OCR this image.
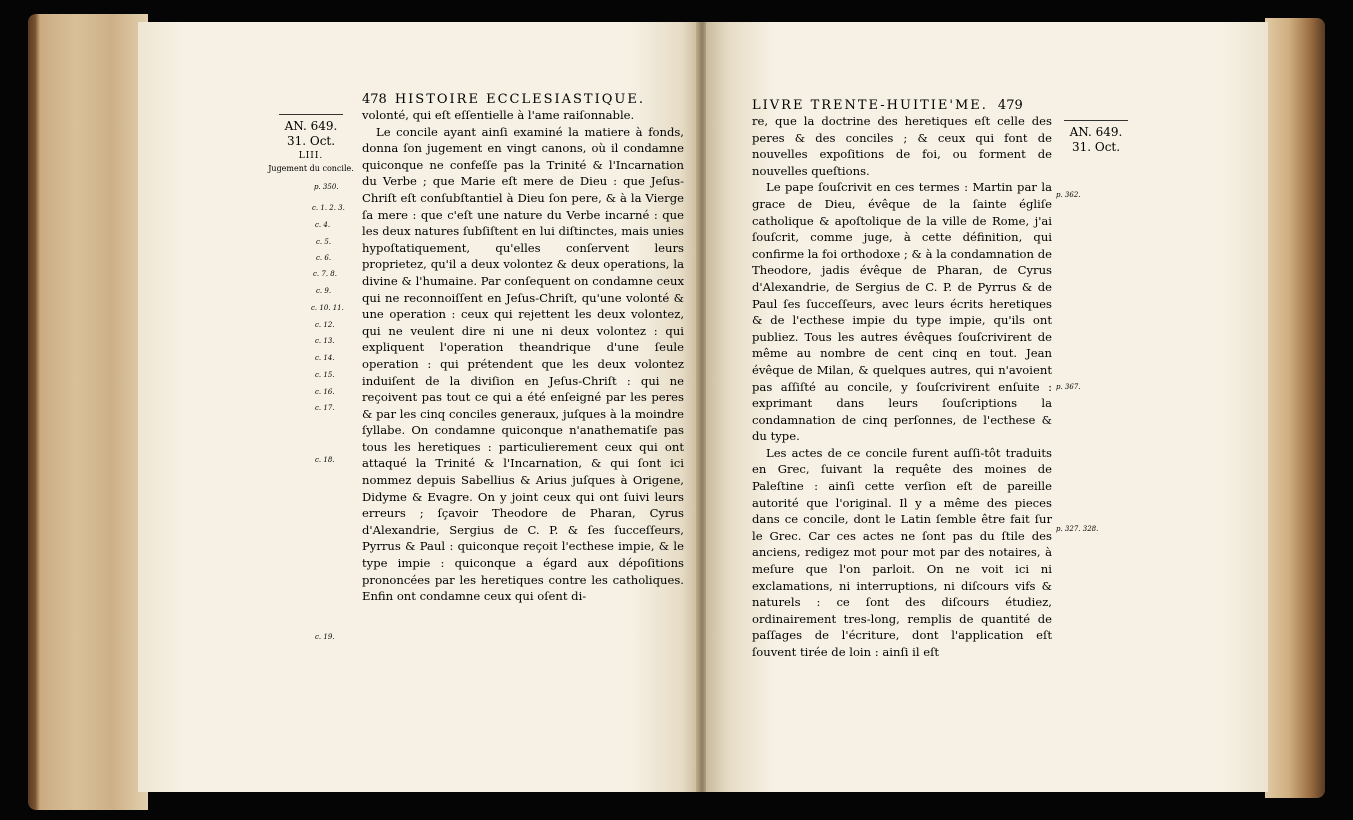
478 HISTOIRE ECCLESIASTIQUE.
AN. 649.
31. Oct.
LIII.
Jugement du concile.
p. 350.
c. 1. 2. 3.
c. 4.
c. 5.
c. 6.
c. 7. 8.
c. 9.
c. 10. 11.
c. 12.
c. 13.
c. 14.
c. 15.
c. 16.
c. 17.
c. 18.
c. 19.

volonté, qui eſt eſſentielle à l'ame raiſonnable.

Le concile ayant ainſi examiné la matiere à fonds, donna ſon jugement en vingt canons, où il condamne quiconque ne confeſſe pas la Trinité & l'Incarnation du Verbe ; que Marie eſt mere de Dieu : que Jeſus-Chriſt eſt conſubſtantiel à Dieu ſon pere, & à la Vierge ſa mere : que c'eſt une nature du Verbe incarné : que les deux natures ſubſiſtent en lui diſtinctes, mais unies hypoſtatiquement, qu'elles conſervent leurs proprietez, qu'il a deux volontez & deux operations, la divine & l'humaine. Par conſequent on condamne ceux qui ne reconnoiſſent en Jeſus-Chriſt, qu'une volonté & une operation : ceux qui rejettent les deux volontez, qui ne veulent dire ni une ni deux volontez : qui expliquent l'operation theandrique d'une ſeule operation : qui prétendent que les deux volontez induiſent de la diviſion en Jeſus-Chriſt : qui ne reçoivent pas tout ce qui a été enſeigné par les peres & par les cinq conciles generaux, juſques à la moindre ſyllabe. On condamne quiconque n'anathematiſe pas tous les heretiques : particulierement ceux qui ont attaqué la Trinité & l'Incarnation, & qui ſont ici nommez depuis Sabellius & Arius juſques à Origene, Didyme & Evagre. On y joint ceux qui ont ſuivi leurs erreurs ; ſçavoir Theodore de Pharan, Cyrus d'Alexandrie, Sergius de C. P. & ſes ſucceſſeurs, Pyrrus & Paul : quiconque reçoit l'ecthese impie, & le type impie : quiconque a égard aux dépoſitions prononcées par les heretiques contre les catholiques. Enfin ont condamne ceux qui oſent di-

LIVRE TRENTE-HUITIE'ME. 479
AN. 649.
31. Oct.
p. 362.
p. 367.
p. 327. 328.

re, que la doctrine des heretiques eſt celle des peres & des conciles ; & ceux qui font de nouvelles expoſitions de foi, ou forment de nouvelles queſtions.

Le pape ſouſcrivit en ces termes : Martin par la grace de Dieu, évêque de la ſainte égliſe catholique & apoſtolique de la ville de Rome, j'ai ſouſcrit, comme juge, à cette définition, qui confirme la foi orthodoxe ; & à la condamnation de Theodore, jadis évêque de Pharan, de Cyrus d'Alexandrie, de Sergius de C. P. de Pyrrus & de Paul ſes ſucceſſeurs, avec leurs écrits heretiques & de l'ecthese impie du type impie, qu'ils ont publiez. Tous les autres évêques ſouſcrivirent de même au nombre de cent cinq en tout. Jean évêque de Milan, & quelques autres, qui n'avoient pas aſſiſté au concile, y ſouſcrivirent enſuite : exprimant dans leurs ſouſcriptions la condamnation de cinq perſonnes, de l'ecthese & du type.

Les actes de ce concile furent auſſi-tôt traduits en Grec, ſuivant la requête des moines de Paleſtine : ainſi cette verſion eſt de pareille autorité que l'original. Il y a même des pieces dans ce concile, dont le Latin ſemble être fait ſur le Grec. Car ces actes ne ſont pas du ſtile des anciens, redigez mot pour mot par des notaires, à meſure que l'on parloit. On ne voit ici ni exclamations, ni interruptions, ni diſcours vifs & naturels : ce ſont des diſcours étudiez, ordinairement tres-long, remplis de quantité de paſſages de l'écriture, dont l'application eſt ſouvent tirée de loin : ainſi il eſt
